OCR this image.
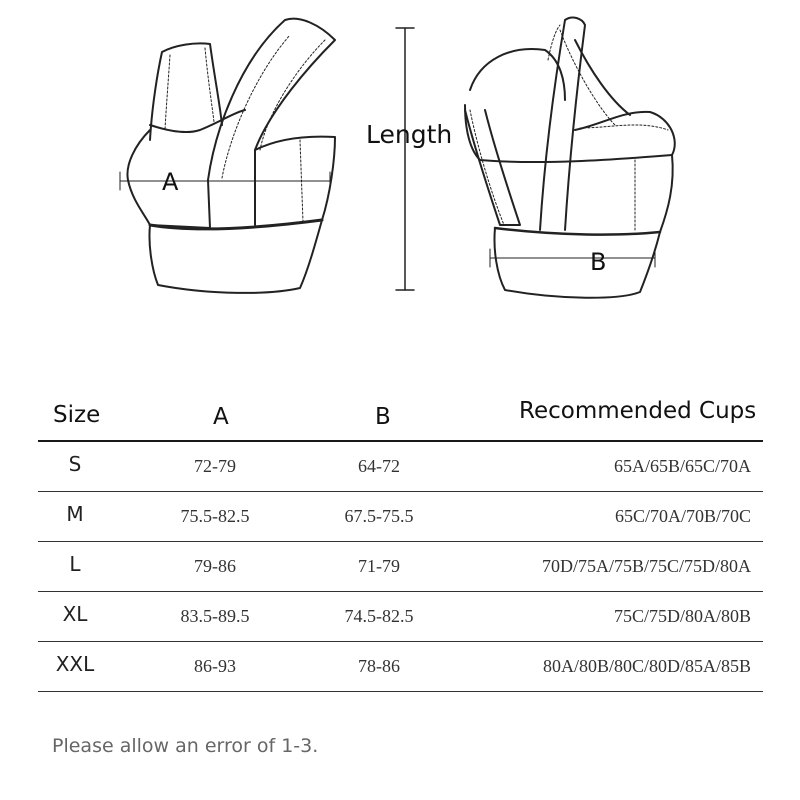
Length
A
B
Size	A	B	Recommended Cups
S	72-79	64-72	65A/65B/65C/70A
M	75.5-82.5	67.5-75.5	65C/70A/70B/70C
L	79-86	71-79	70D/75A/75B/75C/75D/80A
XL	83.5-89.5	74.5-82.5	75C/75D/80A/80B
XXL	86-93	78-86	80A/80B/80C/80D/85A/85B
Please allow an error of 1-3.
